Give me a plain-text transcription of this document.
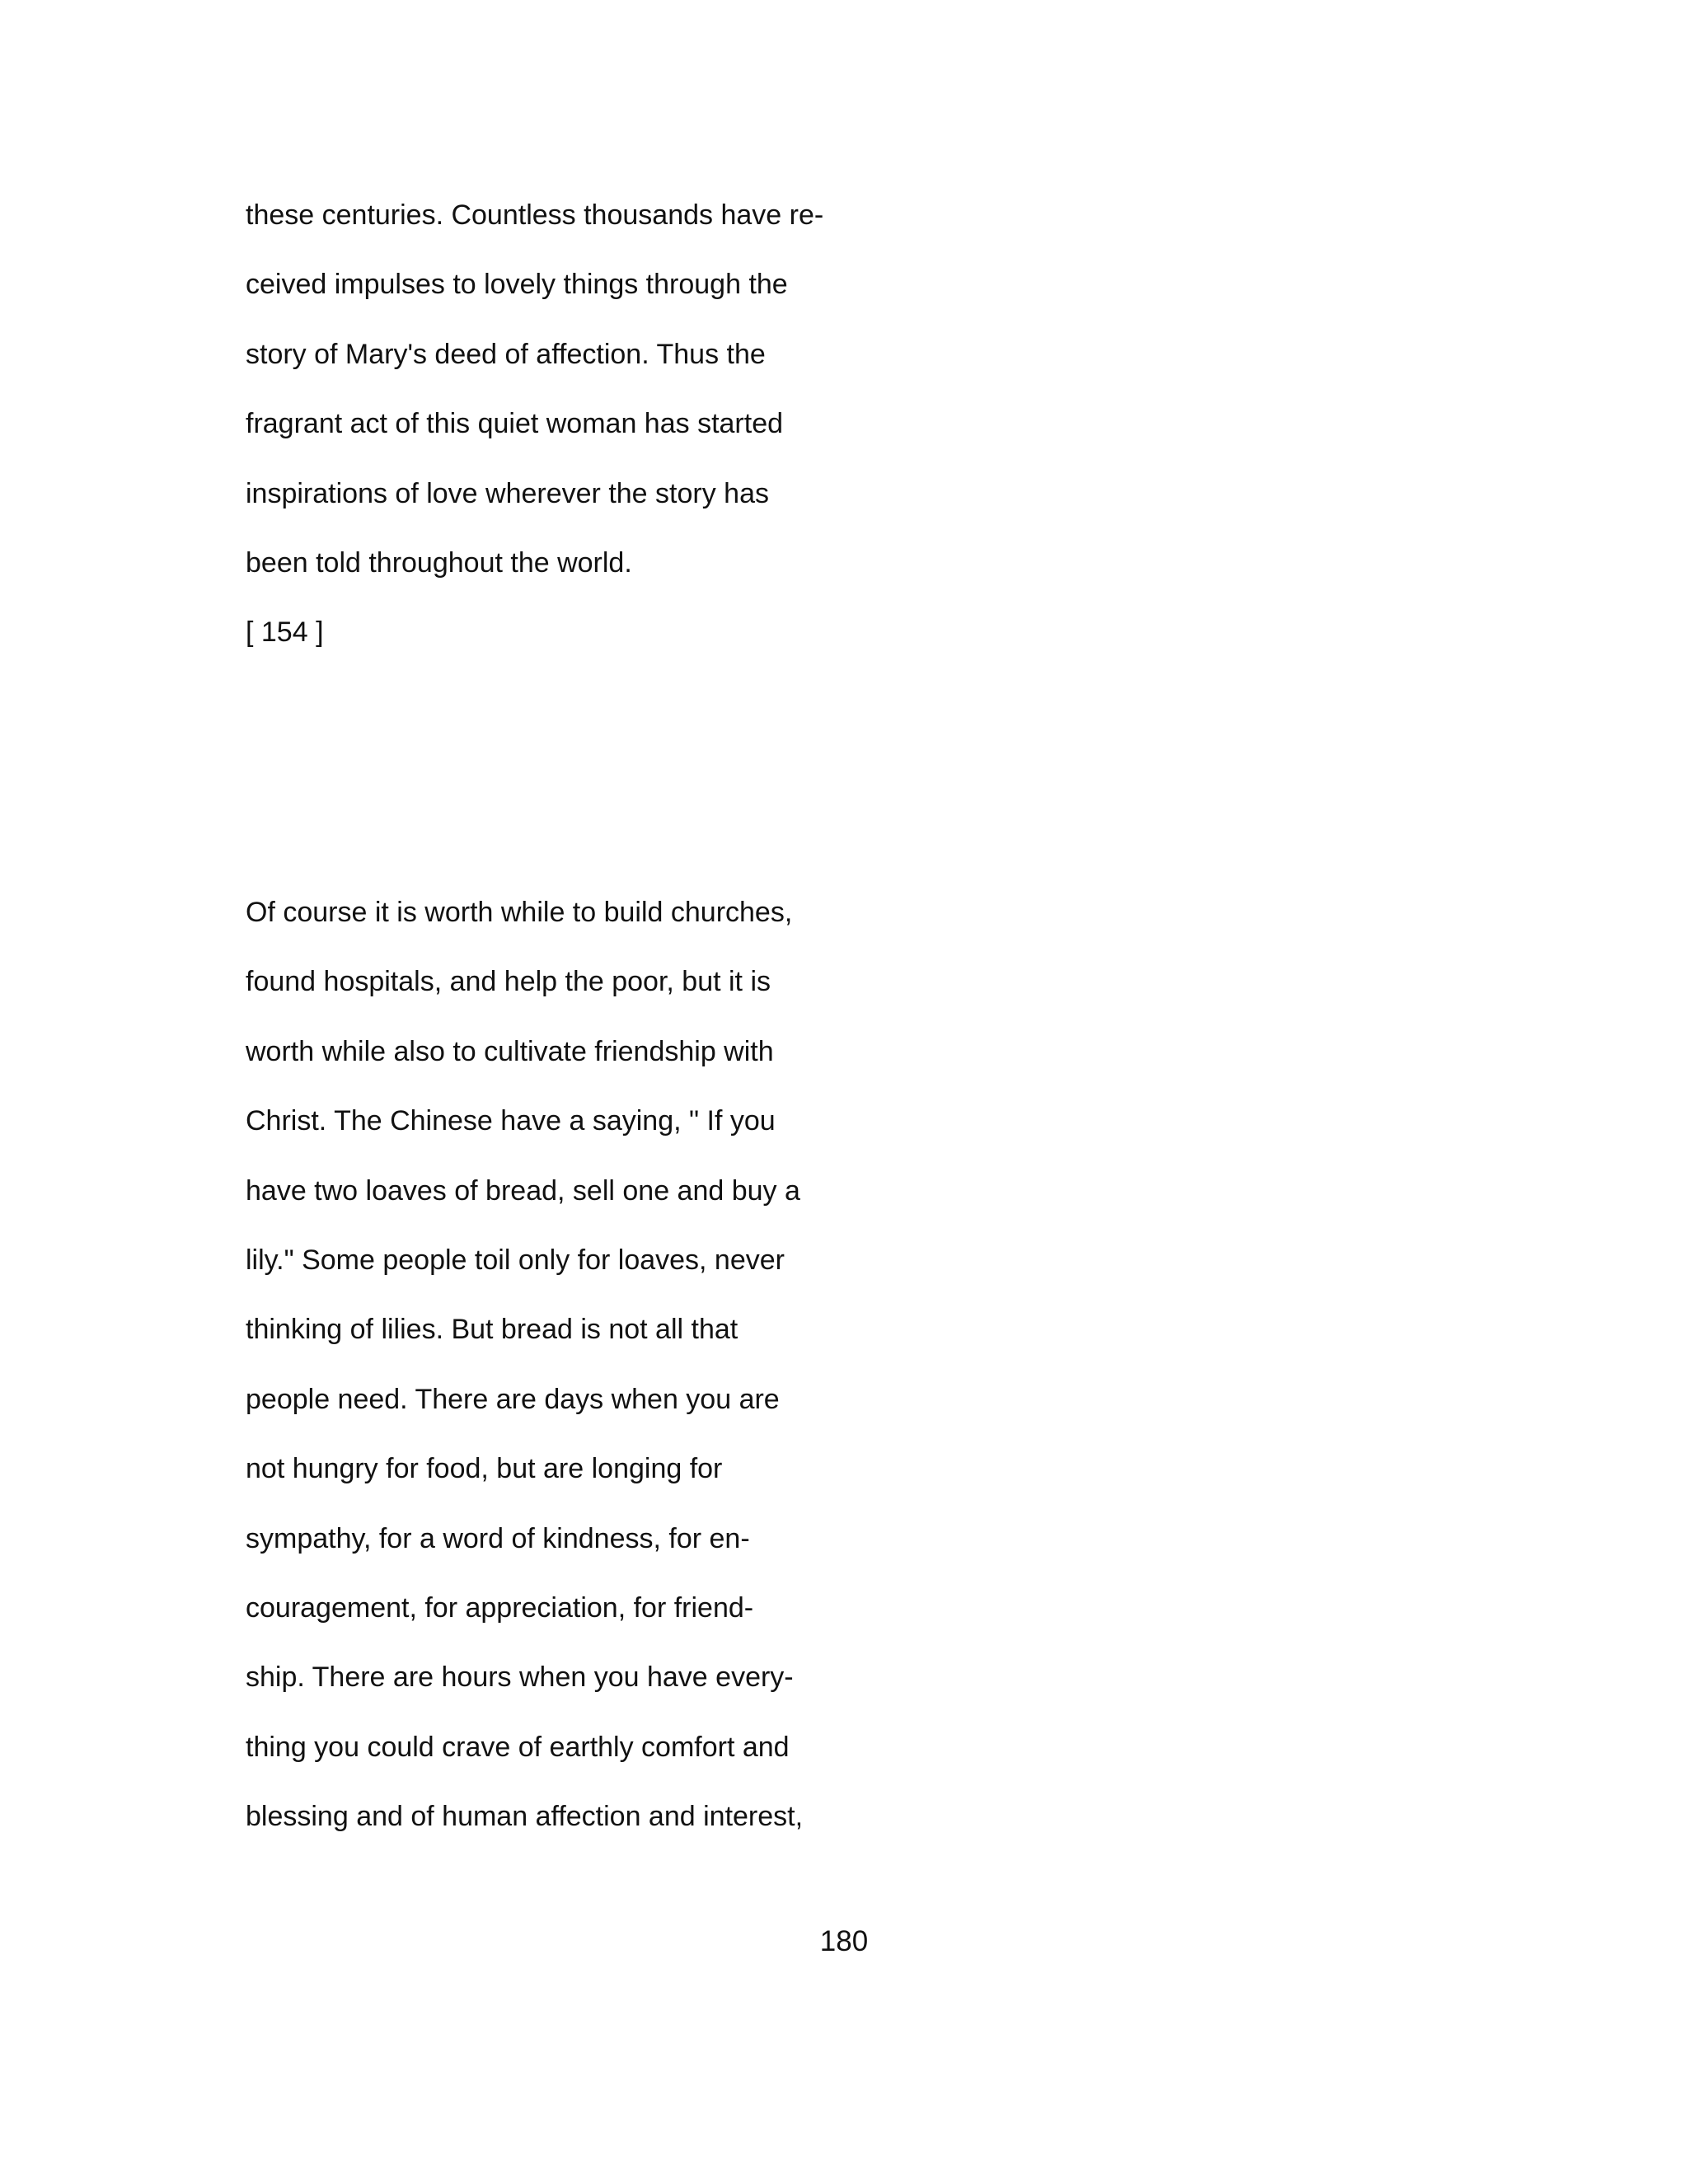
these centuries. Countless thousands have re-
ceived impulses to lovely things through the
story of Mary's deed of affection. Thus the
fragrant act of this quiet woman has started
inspirations of love wherever the story has
been told throughout the world.
[ 154 ]
Of course it is worth while to build churches,
found hospitals, and help the poor, but it is
worth while also to cultivate friendship with
Christ. The Chinese have a saying, " If you
have two loaves of bread, sell one and buy a
lily." Some people toil only for loaves, never
thinking of lilies. But bread is not all that
people need. There are days when you are
not hungry for food, but are longing for
sympathy, for a word of kindness, for en-
couragement, for appreciation, for friend-
ship. There are hours when you have every-
thing you could crave of earthly comfort and
blessing and of human affection and interest,
180
